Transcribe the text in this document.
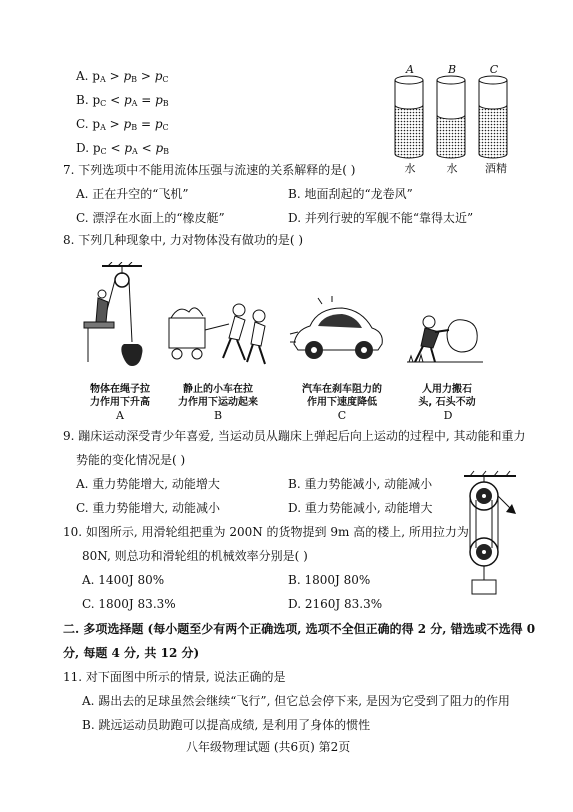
A. $p_A > p_B > p_C$
B. $p_C < p_A = p_B$
C. $p_A > p_B = p_C$
D. $p_C < p_A < p_B$
A	B	C
水	水	酒精
7. 下列选项中不能用流体压强与流速的关系解释的是( )
A. 正在升空的“飞机”	B. 地面刮起的“龙卷风”
C. 漂浮在水面上的“橡皮艇”	D. 并列行驶的军舰不能“靠得太近”
8. 下列几种现象中, 力对物体没有做功的是( )
物体在绳子拉
力作用下升高
静止的小车在拉
力作用下运动起来
汽车在刹车阻力的
作用下速度降低
人用力搬石
头, 石头不动
A	B	C	D
9. 蹦床运动深受青少年喜爱, 当运动员从蹦床上弹起后向上运动的过程中, 其动能和重力
势能的变化情况是( )
A. 重力势能增大, 动能增大	B. 重力势能减小, 动能减小
C. 重力势能增大, 动能减小	D. 重力势能减小, 动能增大
10. 如图所示, 用滑轮组把重为 200N 的货物提到 9m 高的楼上, 所用拉力为
80N, 则总功和滑轮组的机械效率分别是( )
A. 1400J 80%	B. 1800J 80%
C. 1800J 83.3%	D. 2160J 83.3%
二. 多项选择题 (每小题至少有两个正确选项, 选项不全但正确的得 2 分, 错选或不选得 0
分, 每题 4 分, 共 12 分)
11. 对下面图中所示的情景, 说法正确的是
A. 踢出去的足球虽然会继续“飞行”, 但它总会停下来, 是因为它受到了阻力的作用
B. 跳远运动员助跑可以提高成绩, 是利用了身体的惯性
八年级物理试题 (共6页) 第2页
